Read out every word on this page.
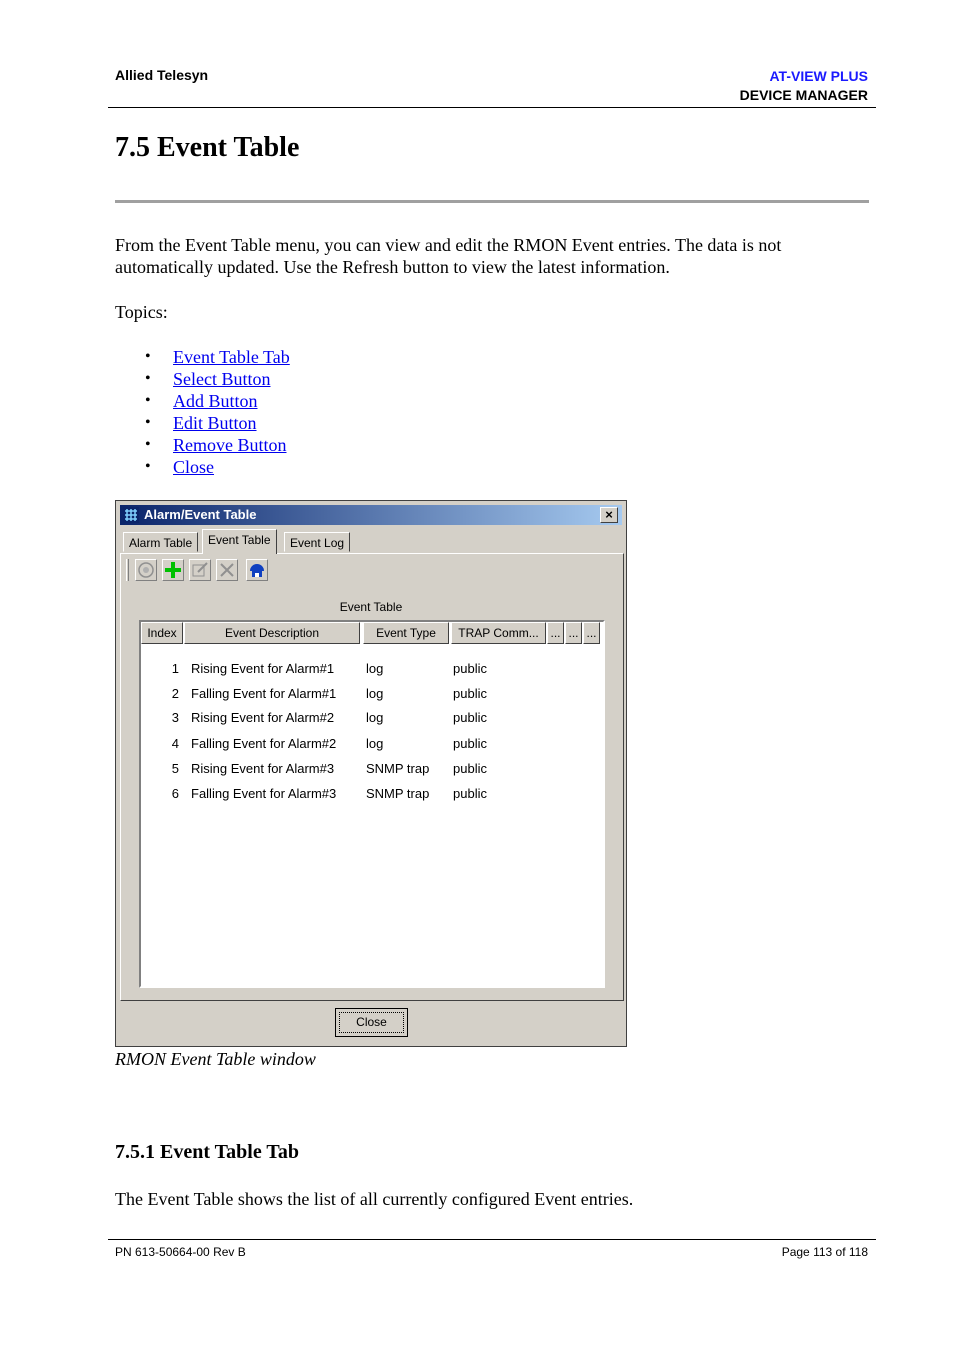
Allied Telesyn	AT-VIEW PLUS
DEVICE MANAGER
7.5 Event Table

From the Event Table menu, you can view and edit the RMON Event entries. The data is not automatically updated. Use the Refresh button to view the latest information.

Topics:

• Event Table Tab
• Select Button
• Add Button
• Edit Button
• Remove Button
• Close
Alarm/Event Table	×
Alarm Table	Event Table	Event Log
Event Table
Index	Event Description	Event Type	TRAP Comm... ... ... ...
1 Rising Event for Alarm#1	log	public
2 Falling Event for Alarm#1	log	public
3 Rising Event for Alarm#2	log	public
4 Falling Event for Alarm#2	log	public
5 Rising Event for Alarm#3	SNMP trap	public
6 Falling Event for Alarm#3	SNMP trap	public
Close
RMON Event Table window
7.5.1 Event Table Tab

The Event Table shows the list of all currently configured Event entries.

PN 613-50664-00 Rev B	Page 113 of 118
